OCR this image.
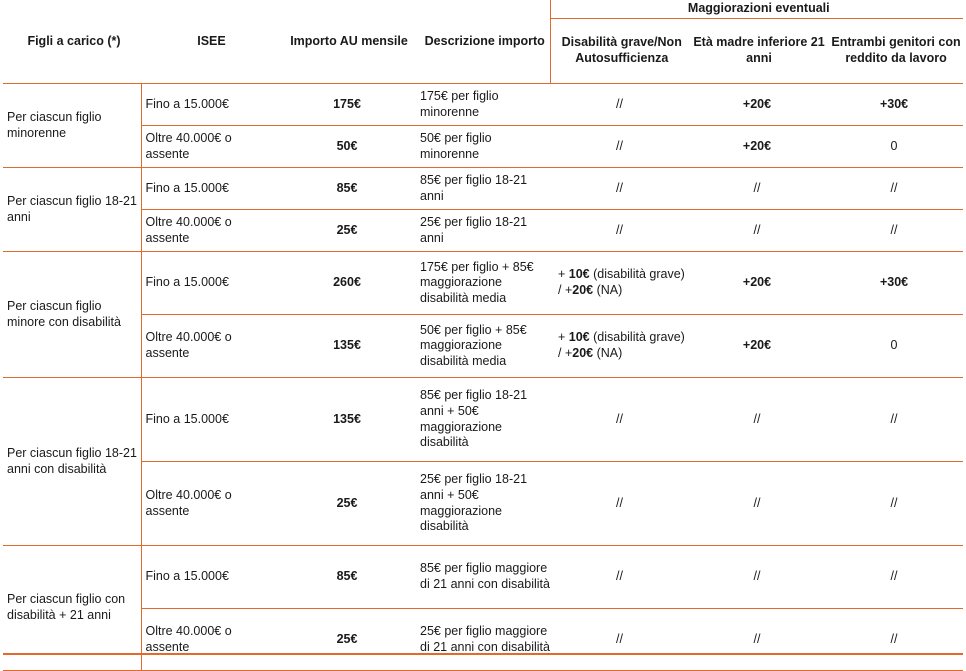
Figli a carico (*)	ISEE	Importo AU mensile	Descrizione importo	Maggiorazioni eventuali		
				Disabilità grave/Non Autosufficienza	Età madre inferiore 21 anni	Entrambi genitori con reddito da lavoro
Per ciascun figlio minorenne	Fino a 15.000€	175€	175€ per figlio minorenne	//	+20€	+30€
	Oltre 40.000€ o assente	50€	50€ per figlio minorenne	//	+20€	0
Per ciascun figlio 18-21 anni	Fino a 15.000€	85€	85€ per figlio 18-21 anni	//	//	//
	Oltre 40.000€ o assente	25€	25€ per figlio 18-21 anni	//	//	//
Per ciascun figlio minore con disabilità	Fino a 15.000€	260€	175€ per figlio + 85€ maggiorazione disabilità media	+ 10€ (disabilità grave) / +20€ (NA)	+20€	+30€
	Oltre 40.000€ o assente	135€	50€ per figlio + 85€ maggiorazione disabilità media	+ 10€ (disabilità grave) / +20€ (NA)	+20€	0
Per ciascun figlio 18-21 anni con disabilità	Fino a 15.000€	135€	85€ per figlio 18-21 anni + 50€ maggiorazione disabilità	//	//	//
	Oltre 40.000€ o assente	25€	25€ per figlio 18-21 anni + 50€ maggiorazione disabilità	//	//	//
Per ciascun figlio con disabilità + 21 anni	Fino a 15.000€	85€	85€ per figlio maggiore di 21 anni con disabilità	//	//	//
	Oltre 40.000€ o assente	25€	25€ per figlio maggiore di 21 anni con disabilità	//	//	//
